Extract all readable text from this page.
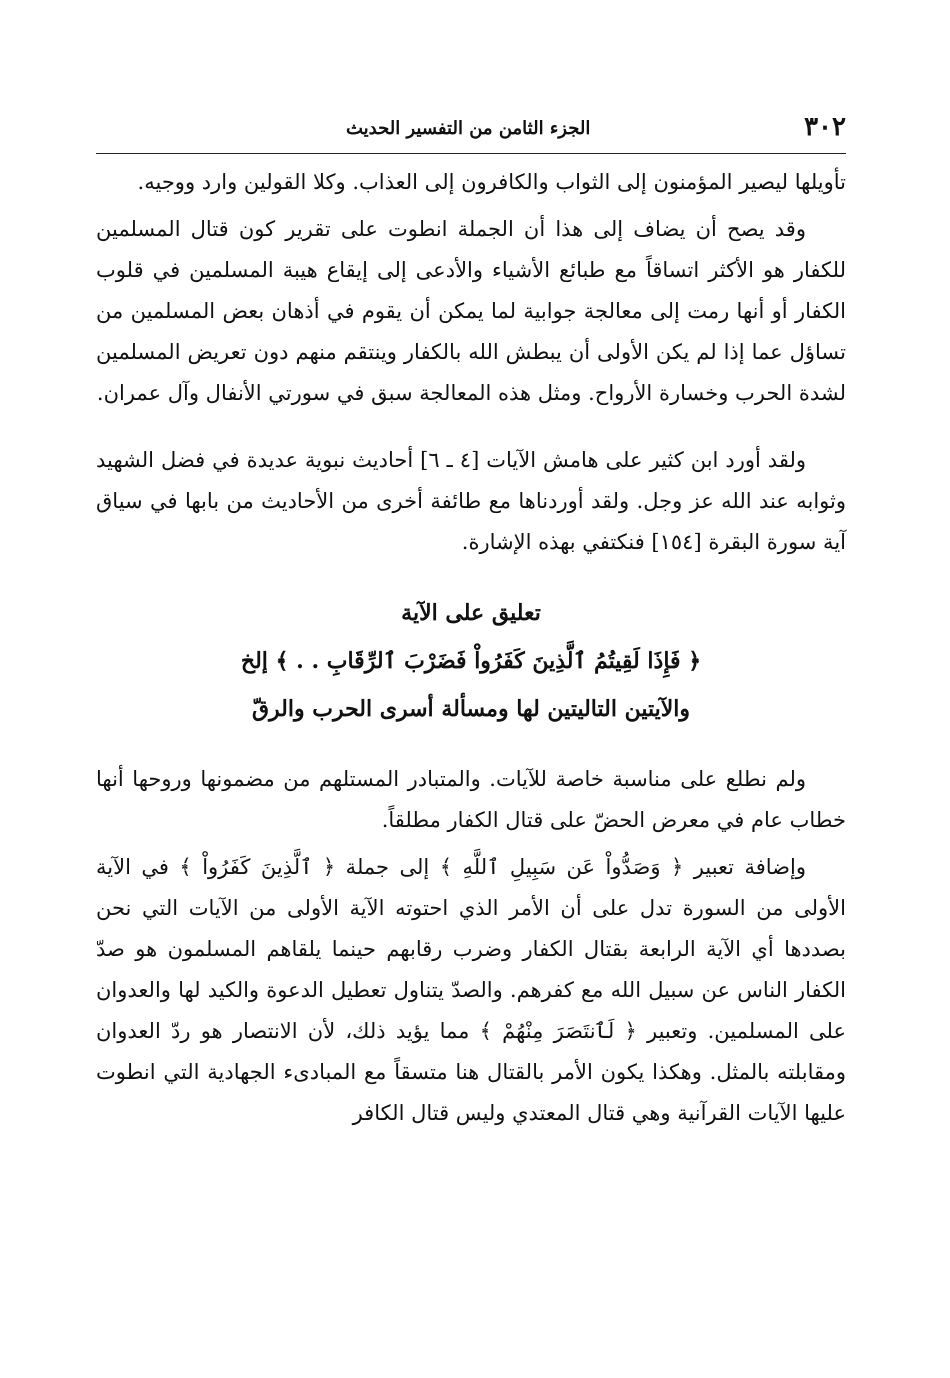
٣٠٢
الجزء الثامن من التفسير الحديث

تأويلها ليصير المؤمنون إلى الثواب والكافرون إلى العذاب. وكلا القولين وارد ووجيه.

وقد يصح أن يضاف إلى هذا أن الجملة انطوت على تقرير كون قتال المسلمين للكفار هو الأكثر اتساقاً مع طبائع الأشياء والأدعى إلى إيقاع هيبة المسلمين في قلوب الكفار أو أنها رمت إلى معالجة جوابية لما يمكن أن يقوم في أذهان بعض المسلمين من تساؤل عما إذا لم يكن الأولى أن يبطش الله بالكفار وينتقم منهم دون تعريض المسلمين لشدة الحرب وخسارة الأرواح. ومثل هذه المعالجة سبق في سورتي الأنفال وآل عمران.

ولقد أورد ابن كثير على هامش الآيات [٤ ـ ٦] أحاديث نبوية عديدة في فضل الشهيد وثوابه عند الله عز وجل. ولقد أوردناها مع طائفة أخرى من الأحاديث من بابها في سياق آية سورة البقرة [١٥٤] فنكتفي بهذه الإشارة.

تعليق على الآية
﴿ فَإِذَا لَقِيتُمُ ٱلَّذِينَ كَفَرُواْ فَضَرْبَ ٱلرِّقَابِ . . ﴾ إلخ
والآيتين التاليتين لها ومسألة أسرى الحرب والرقّ

ولم نطلع على مناسبة خاصة للآيات. والمتبادر المستلهم من مضمونها وروحها أنها خطاب عام في معرض الحضّ على قتال الكفار مطلقاً.

وإضافة تعبير ﴿ وَصَدُّواْ عَن سَبِيلِ ٱللَّهِ ﴾ إلى جملة ﴿ ٱلَّذِينَ كَفَرُواْ ﴾ في الآية الأولى من السورة تدل على أن الأمر الذي احتوته الآية الأولى من الآيات التي نحن بصددها أي الآية الرابعة بقتال الكفار وضرب رقابهم حينما يلقاهم المسلمون هو صدّ الكفار الناس عن سبيل الله مع كفرهم. والصدّ يتناول تعطيل الدعوة والكيد لها والعدوان على المسلمين. وتعبير ﴿ لَٱنتَصَرَ مِنْهُمْ ﴾ مما يؤيد ذلك، لأن الانتصار هو ردّ العدوان ومقابلته بالمثل. وهكذا يكون الأمر بالقتال هنا متسقاً مع المبادىء الجهادية التي انطوت عليها الآيات القرآنية وهي قتال المعتدي وليس قتال الكافر
